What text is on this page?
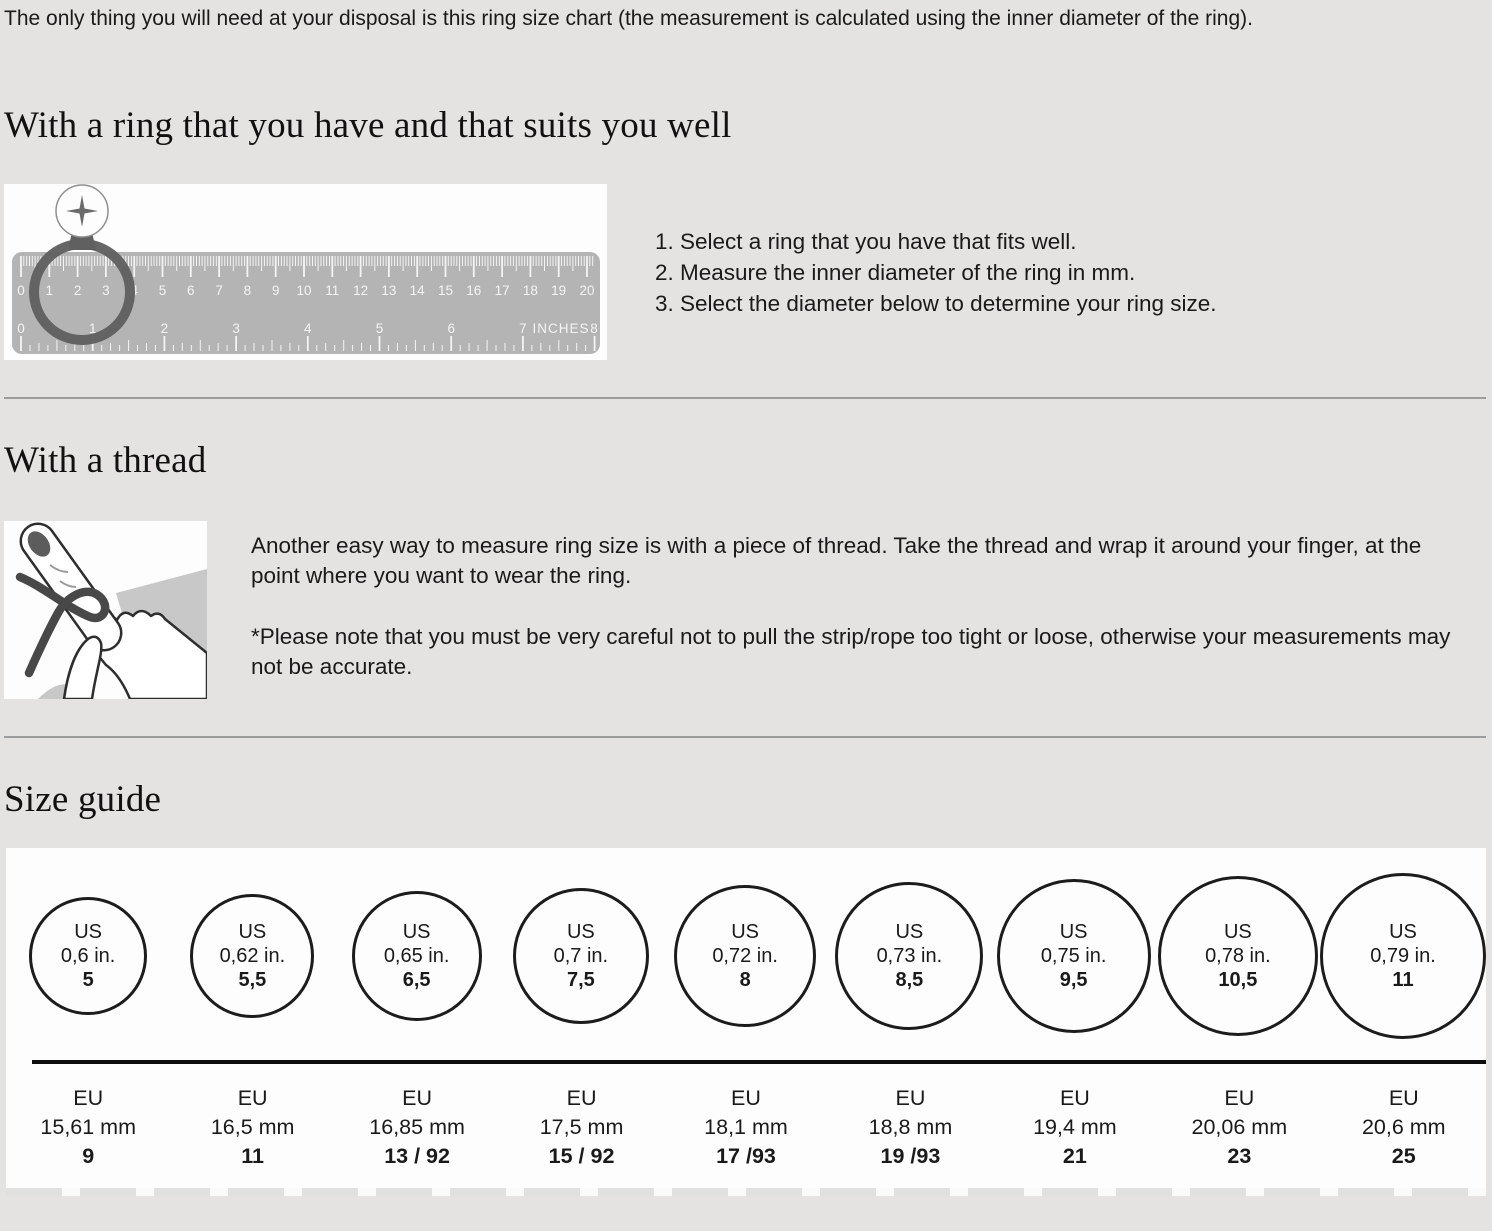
The only thing you will need at your disposal is this ring size chart (the measurement is calculated using the inner diameter of the ring).

With a ring that you have and that suits you well
0 1 2 3 4 5 6 7 8 9 10 11 12 13 14 15 16 17 18 19 20
0	1	2	3	4	5	6	7 INCHES 8
1. Select a ring that you have that fits well.
2. Measure the inner diameter of the ring in mm.
3. Select the diameter below to determine your ring size.
With a thread

Another easy way to measure ring size is with a piece of thread. Take the thread and wrap it around your finger, at the point where you want to wear the ring.

*Please note that you must be very careful not to pull the strip/rope too tight or loose, otherwise your measurements may not be accurate.

Size guide
US
0,6 in.
5
US
0,62 in.
5,5
US
0,65 in.
6,5
US
0,7 in.
7,5
US
0,72 in.
8
US
0,73 in.
8,5
US
0,75 in.
9,5
US
0,78 in.
10,5
US
0,79 in.
11
EU
15,61 mm
9
EU
16,5 mm
11
EU
16,85 mm
13 / 92
EU
17,5 mm
15 / 92
EU
18,1 mm
17 /93
EU
18,8 mm
19 /93
EU
19,4 mm
21
EU
20,06 mm
23
EU
20,6 mm
25
